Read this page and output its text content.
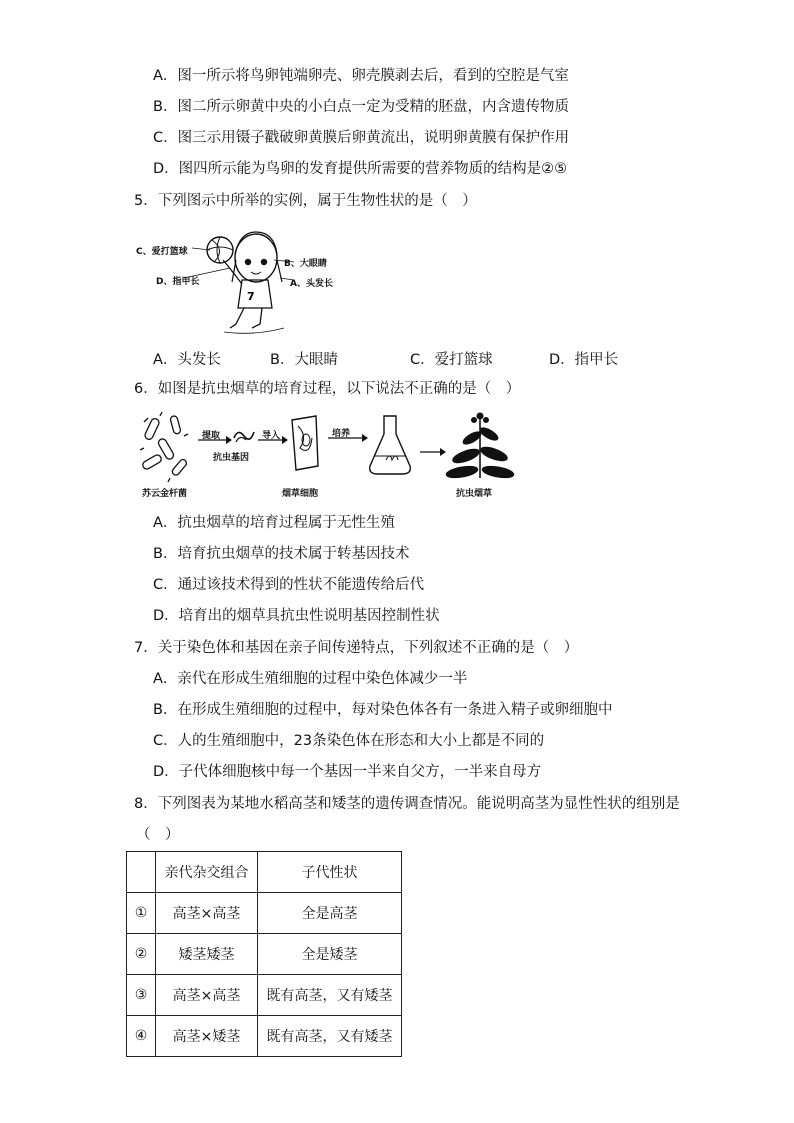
A．图一所示将鸟卵钝端卵壳、卵壳膜剥去后，看到的空腔是气室
B．图二所示卵黄中央的小白点一定为受精的胚盘，内含遗传物质
C．图三示用镊子戳破卵黄膜后卵黄流出，说明卵黄膜有保护作用
D．图四所示能为鸟卵的发育提供所需要的营养物质的结构是②⑤
5．下列图示中所举的实例，属于生物性状的是（　）
7
C、爱打篮球
B、大眼睛
D、指甲长	A、头发长
A．头发长	B．大眼睛	C．爱打篮球	D．指甲长
6．如图是抗虫烟草的培育过程，以下说法不正确的是（　）
提取
抗虫基因
导入	培养
苏云金杆菌	烟草细胞	抗虫烟草
A．抗虫烟草的培育过程属于无性生殖
B．培育抗虫烟草的技术属于转基因技术
C．通过该技术得到的性状不能遗传给后代
D．培育出的烟草具抗虫性说明基因控制性状
7．关于染色体和基因在亲子间传递特点，下列叙述不正确的是（　）
A．亲代在形成生殖细胞的过程中染色体减少一半
B．在形成生殖细胞的过程中，每对染色体各有一条进入精子或卵细胞中
C．人的生殖细胞中，23条染色体在形态和大小上都是不同的
D．子代体细胞核中每一个基因一半来自父方，一半来自母方
8．下列图表为某地水稻高茎和矮茎的遗传调查情况。能说明高茎为显性性状的组别是
（　）
	亲代杂交组合	子代性状
①	高茎×高茎	全是高茎
②	矮茎矮茎	全是矮茎
③	高茎×高茎	既有高茎，又有矮茎
④	高茎×矮茎	既有高茎，又有矮茎
